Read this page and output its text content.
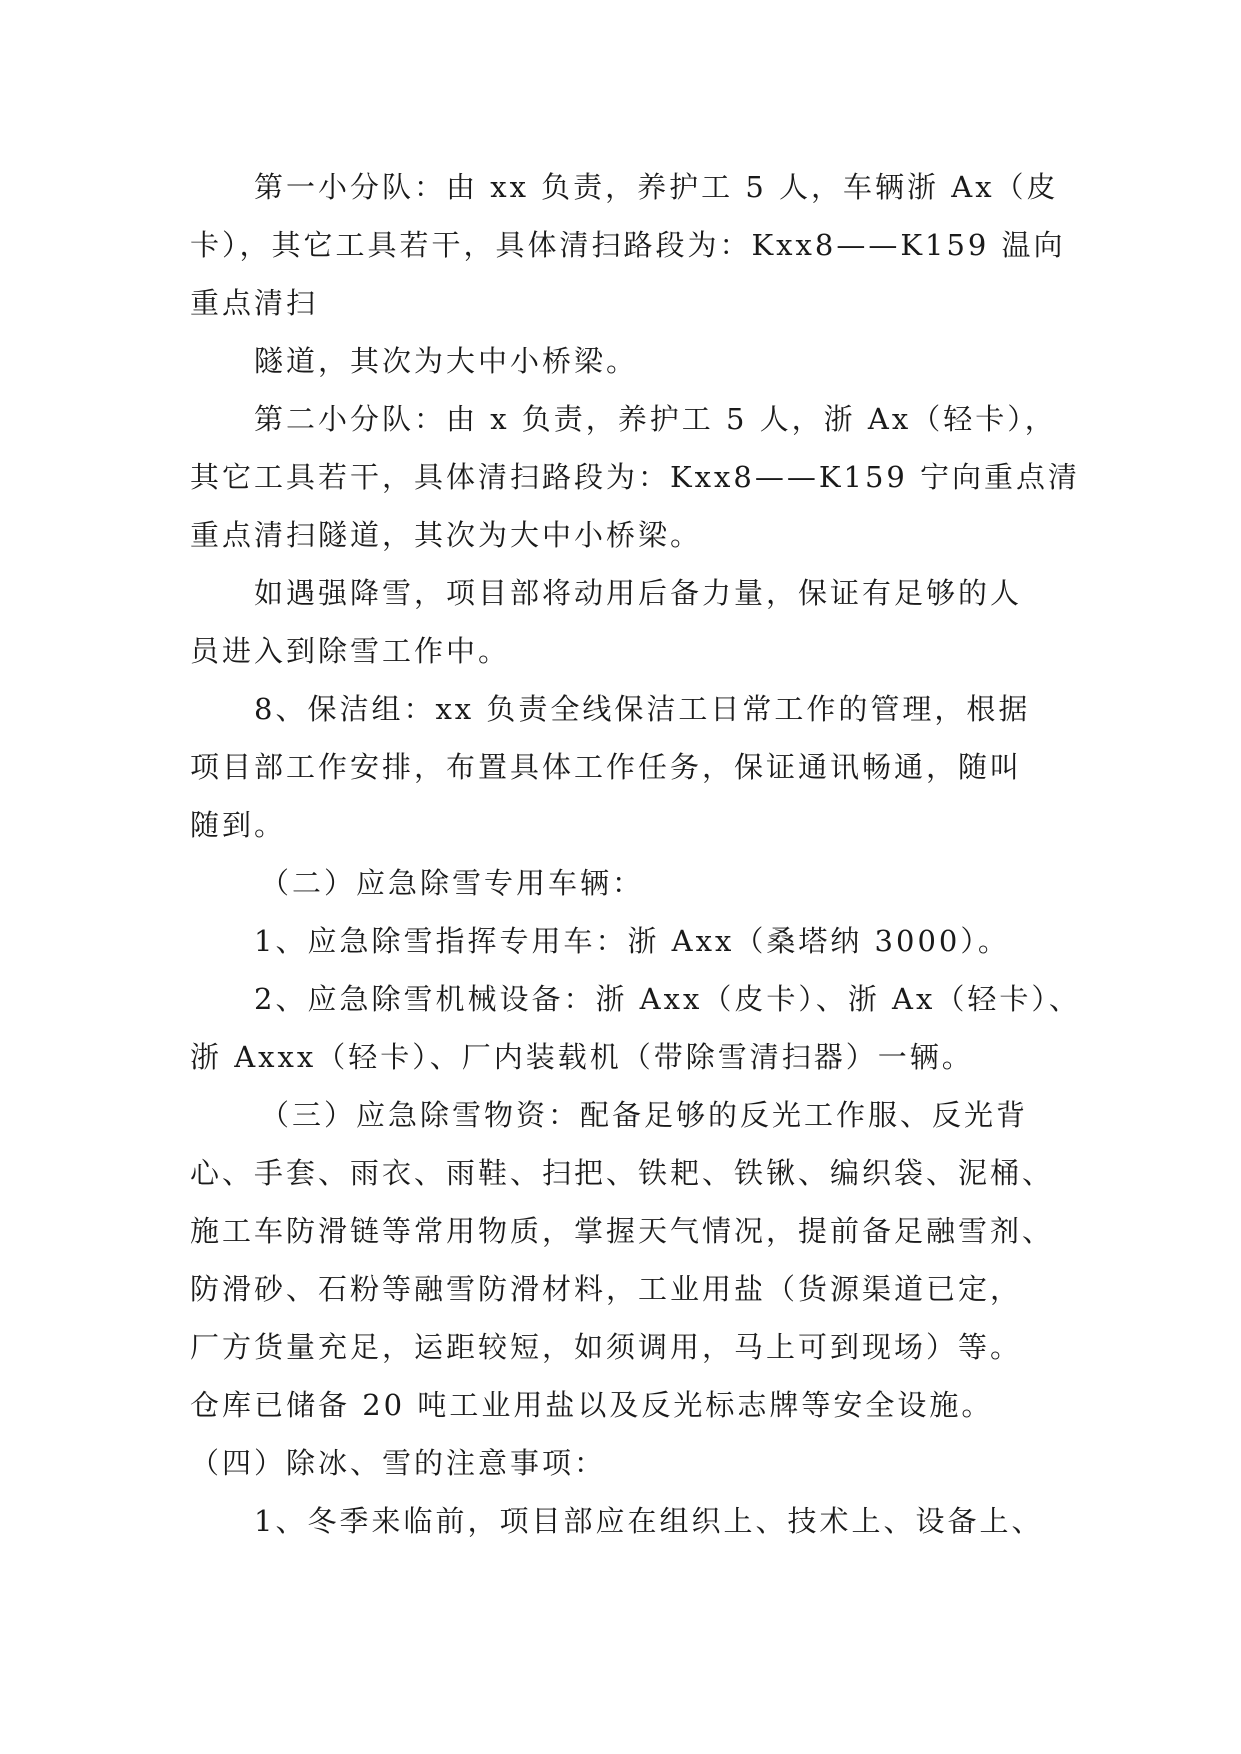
第一小分队：由 xx 负责，养护工 5 人，车辆浙 Ax（皮
卡），其它工具若干，具体清扫路段为：Kxx8——K159 温向
重点清扫
隧道，其次为大中小桥梁。
第二小分队：由 x 负责，养护工 5 人，浙 Ax（轻卡），
其它工具若干，具体清扫路段为：Kxx8——K159 宁向重点清
重点清扫隧道，其次为大中小桥梁。
如遇强降雪，项目部将动用后备力量，保证有足够的人
员进入到除雪工作中。
8、保洁组：xx 负责全线保洁工日常工作的管理，根据
项目部工作安排，布置具体工作任务，保证通讯畅通，随叫
随到。
（二）应急除雪专用车辆：
1、应急除雪指挥专用车：浙 Axx（桑塔纳 3000）。
2、应急除雪机械设备：浙 Axx（皮卡）、浙 Ax（轻卡）、
浙 Axxx（轻卡）、厂内装载机（带除雪清扫器）一辆。
（三）应急除雪物资：配备足够的反光工作服、反光背
心、手套、雨衣、雨鞋、扫把、铁耙、铁锹、编织袋、泥桶、
施工车防滑链等常用物质，掌握天气情况，提前备足融雪剂、
防滑砂、石粉等融雪防滑材料，工业用盐（货源渠道已定，
厂方货量充足，运距较短，如须调用，马上可到现场）等。
仓库已储备 20 吨工业用盐以及反光标志牌等安全设施。
（四）除冰、雪的注意事项：
1、冬季来临前，项目部应在组织上、技术上、设备上、
